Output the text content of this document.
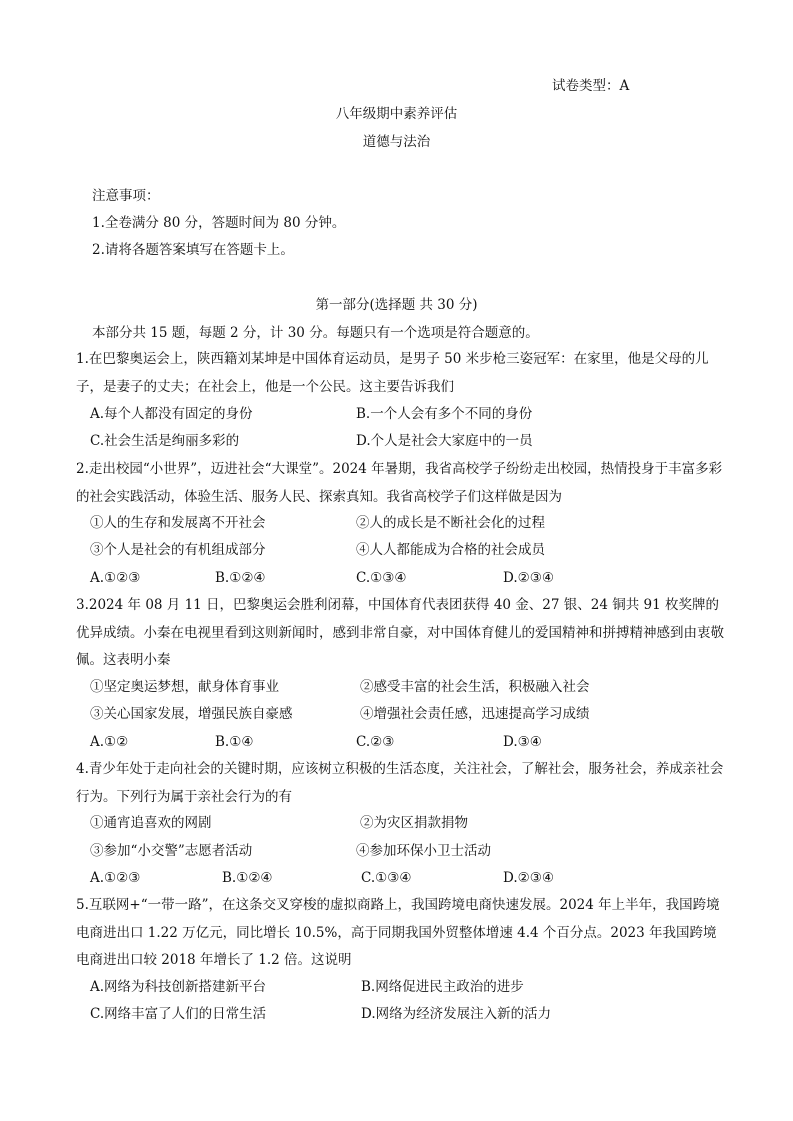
试卷类型：A
八年级期中素养评估
道德与法治
注意事项：
1.全卷满分 80 分，答题时间为 80 分钟。
2.请将各题答案填写在答题卡上。
第一部分(选择题 共 30 分)
本部分共 15 题，每题 2 分，计 30 分。每题只有一个选项是符合题意的。
1.在巴黎奥运会上，陕西籍刘某坤是中国体育运动员，是男子 50 米步枪三姿冠军：在家里，他是父母的儿子，是妻子的丈夫；在社会上，他是一个公民。这主要告诉我们
A.每个人都没有固定的身份	B.一个人会有多个不同的身份
C.社会生活是绚丽多彩的	D.个人是社会大家庭中的一员
2.走出校园“小世界”，迈进社会“大课堂”。2024 年暑期，我省高校学子纷纷走出校园，热情投身于丰富多彩的社会实践活动，体验生活、服务人民、探索真知。我省高校学子们这样做是因为
①人的生存和发展离不开社会	②人的成长是不断社会化的过程
③个人是社会的有机组成部分	④人人都能成为合格的社会成员
A.①②③	B.①②④	C.①③④	D.②③④
3.2024 年 08 月 11 日，巴黎奥运会胜利闭幕，中国体育代表团获得 40 金、27 银、24 铜共 91 枚奖牌的优异成绩。小秦在电视里看到这则新闻时，感到非常自豪，对中国体育健儿的爱国精神和拼搏精神感到由衷敬佩。这表明小秦
①坚定奥运梦想，献身体育事业	②感受丰富的社会生活，积极融入社会
③关心国家发展，增强民族自豪感	④增强社会责任感，迅速提高学习成绩
A.①②	B.①④	C.②③	D.③④
4.青少年处于走向社会的关键时期，应该树立积极的生活态度，关注社会，了解社会，服务社会，养成亲社会行为。下列行为属于亲社会行为的有
①通宵追喜欢的网剧	②为灾区捐款捐物
③参加“小交警”志愿者活动	④参加环保小卫士活动
A.①②③	B.①②④	C.①③④	D.②③④
5.互联网+“一带一路”，在这条交叉穿梭的虚拟商路上，我国跨境电商快速发展。2024 年上半年，我国跨境电商进出口 1.22 万亿元，同比增长 10.5%，高于同期我国外贸整体增速 4.4 个百分点。2023 年我国跨境电商进出口较 2018 年增长了 1.2 倍。这说明
A.网络为科技创新搭建新平台	B.网络促进民主政治的进步
C.网络丰富了人们的日常生活	D.网络为经济发展注入新的活力
